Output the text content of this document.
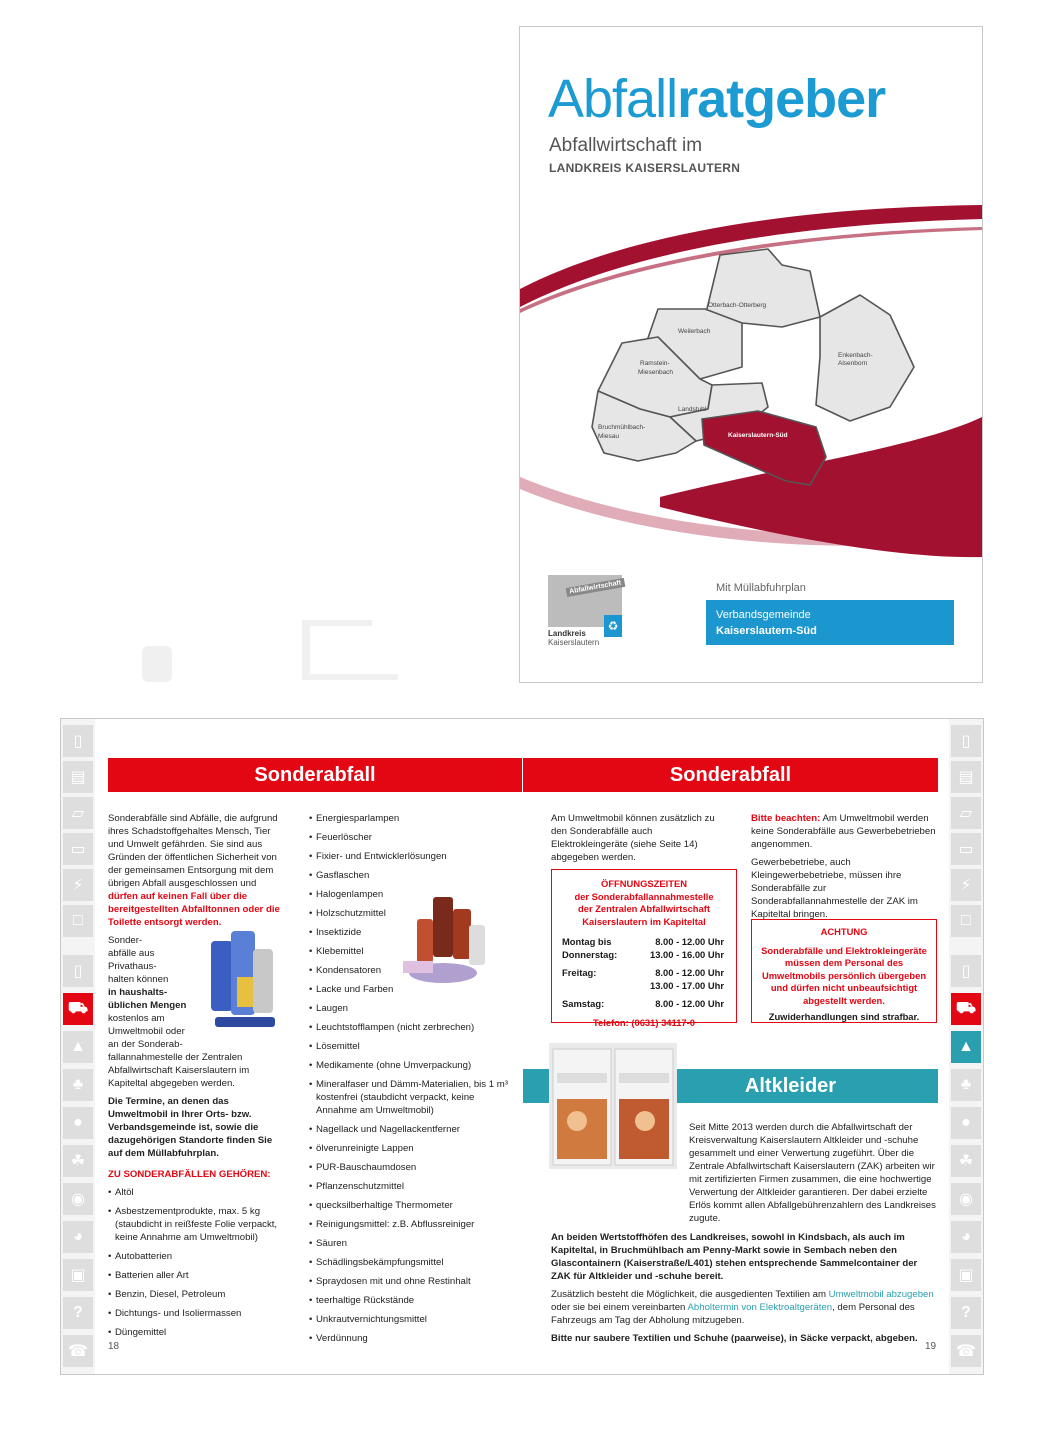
Otterbach-Otterberg
Weilerbach
Enkenbach-
Alsenborn
Ramstein-
Miesenbach
Landstuhl
Bruchmühlbach-
Miesau	Kaiserslautern-Süd
Abfallratgeber
Abfallwirtschaft im
LANDKREIS KAISERSLAUTERN
2018
Abfallwirtschaft
♻
Landkreis
Kaiserslautern
Mit Müllabfuhrplan
Verbandsgemeinde
Kaiserslautern-Süd
▯
▤
▱
▭
⚡
□
▯
⛟
▲
♣
●
☘
◉
◕
▣
?
☎
▯
▤
▱
▭
⚡
□
▯
⛟
▲
♣
●
☘
◉
◕
▣
?
☎
Sonderabfall	Sonderabfall

Sonderabfälle sind Abfälle, die aufgrund ihres Schadstoffgehaltes Mensch, Tier und Umwelt gefährden. Sie sind aus Gründen der öffentlichen Sicherheit von der gemeinsamen Entsorgung mit dem übrigen Abfall ausgeschlossen und dürfen auf keinen Fall über die bereitgestellten Abfalltonnen oder die Toilette entsorgt werden.

Sonder-
abfälle aus
Privathaus-
halten können
in haushalts-
üblichen Mengen
kostenlos am
Umweltmobil oder
an der Sonderab-
fallannahmestelle der Zentralen Abfallwirtschaft Kaiserslautern im Kapiteltal abgegeben werden.

Die Termine, an denen das Umweltmobil in Ihrer Orts- bzw. Verbandsgemeinde ist, sowie die dazugehörigen Standorte finden Sie auf dem Müllabfuhrplan.

ZU SONDERABFÄLLEN GEHÖREN:

• Altöl
• Asbestzementprodukte, max. 5 kg (staubdicht in reißfeste Folie verpackt, keine Annahme am Umweltmobil)
• Autobatterien
• Batterien aller Art
• Benzin, Diesel, Petroleum
• Dichtungs- und Isoliermassen
• Düngemittel
• Energiesparlampen
• Feuerlöscher
• Fixier- und Entwicklerlösungen
• Gasflaschen
• Halogenlampen
• Holzschutzmittel
• Insektizide
• Klebemittel
• Kondensatoren
• Lacke und Farben
• Laugen
• Leuchtstofflampen (nicht zerbrechen)
• Lösemittel
• Medikamente (ohne Umverpackung)
• Mineralfaser und Dämm-Materialien, bis 1 m³ kostenfrei (staubdicht verpackt, keine Annahme am Umweltmobil)
• Nagellack und Nagellackentferner
• ölverunreinigte Lappen
• PUR-Bauschaumdosen
• Pflanzenschutzmittel
• quecksilberhaltige Thermometer
• Reinigungsmittel: z.B. Abflussreiniger
• Säuren
• Schädlingsbekämpfungsmittel
• Spraydosen mit und ohne Restinhalt
• teerhaltige Rückstände
• Unkrautvernichtungsmittel
• Verdünnung
18

Am Umweltmobil können zusätzlich zu den Sonderabfälle auch Elektrokleingeräte (siehe Seite 14) abgegeben werden.

Bitte beachten: Am Umweltmobil werden keine Sonderabfälle aus Gewerbebetrieben angenommen.

Gewerbebetriebe, auch Kleingewerbebetriebe, müssen ihre Sonderabfälle zur Sonderabfallannahmestelle der ZAK im Kapiteltal bringen.

ÖFFNUNGSZEITEN
der Sonderabfallannahmestelle
der Zentralen Abfallwirtschaft
Kaiserslautern im Kapiteltal
Montag bis	8.00 - 12.00 Uhr
Donnerstag:	13.00 - 16.00 Uhr
Freitag:	8.00 - 12.00 Uhr
13.00 - 17.00 Uhr
Samstag:	8.00 - 12.00 Uhr
Telefon: (0631) 34117-0
ACHTUNG
Sonderabfälle und Elektrokleingeräte müssen dem Personal des Umweltmobils persönlich übergeben und dürfen nicht unbeaufsichtigt abgestellt werden.
Zuwiderhandlungen sind strafbar.
Altkleider

Seit Mitte 2013 werden durch die Abfallwirtschaft der Kreisverwaltung Kaiserslautern Altkleider und -schuhe gesammelt und einer Verwertung zugeführt. Über die Zentrale Abfallwirtschaft Kaiserslautern (ZAK) arbeiten wir mit zertifizierten Firmen zusammen, die eine hochwertige Verwertung der Altkleider garantieren. Der dabei erzielte Erlös kommt allen Abfallgebührenzahlern des Landkreises zugute.

An beiden Wertstoffhöfen des Landkreises, sowohl in Kindsbach, als auch im Kapiteltal, in Bruchmühlbach am Penny-Markt sowie in Sembach neben den Glascontainern (Kaiserstraße/L401) stehen entsprechende Sammelcontainer der ZAK für Altkleider und -schuhe bereit.

Zusätzlich besteht die Möglichkeit, die ausgedienten Textilien am Umweltmobil abzugeben oder sie bei einem vereinbarten Abholtermin von Elektroaltgeräten, dem Personal des Fahrzeugs am Tag der Abholung mitzugeben.

Bitte nur saubere Textilien und Schuhe (paarweise), in Säcke verpackt, abgeben.

19
